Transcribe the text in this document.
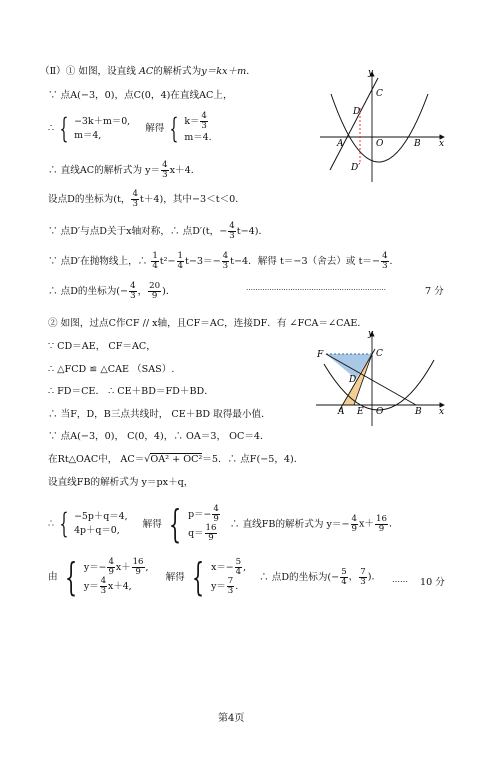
（Ⅱ）① 如图，设直线 AC的解析式为y＝kx＋m．
∵ 点A(−3，0)，点C(0，4)在直线AC上，
∴ { −3k＋m＝0,
m＝4, 解得 { $k= \frac{4}{3}$

m＝4.
∴ 直线AC的解析式为 $y= \frac{4}{3} x+4$．
设点D的坐标为(t， $\frac{4}{3} t+4$)，其中−3＜t＜0．
∵ 点D′与点D关于x轴对称，∴ 点D′(t，− $\frac{4}{3} t-4$)．
∵ 点D′在抛物线上，∴ $\frac{1}{4} t^2- \frac{1}{4} t-3=- \frac{4}{3} t-4$．解得 t＝−3（舍去）或 $t=- \frac{4}{3}$ ．
∴ 点D的坐标为(− $\frac{4}{3}$ ， $\frac{20}{9}$ )．	……………………………………………………	7 分
② 如图，过点C作CF // x轴，且CF＝AC，连接DF．有 ∠FCA＝∠CAE．
∵ CD＝AE， CF＝AC，
∴ △FCD ≌ △CAE （SAS）.
∴ FD＝CE． ∴ CE＋BD＝FD＋BD．
∴ 当F，D，B三点共线时， CE＋BD 取得最小值．
∵ 点A(−3，0)， C(0，4)，∴ OA＝3， OC＝4．
在Rt△OAC中， AC＝√OA² + OC²＝5．∴ 点F(−5，4)．
设直线FB的解析式为 y＝px＋q，
∴ { −5p＋q＝4,
4p＋q＝0, 解得 { $p=- \frac{4}{9}$

$q= \frac{16}{9}$ ∴ 直线FB的解析式为 $y=- \frac{4}{9} x+ \frac{16}{9}$ ．
由 { $y=- \frac{4}{9} x+ \frac{16}{9}$ ,
$y= \frac{4}{3} x+4$, 解得 { $x=- \frac{5}{4}$ ,
$y= \frac{7}{3}$ . ∴ 点D的坐标为(− $\frac{5}{4}$ ， $\frac{7}{3}$ )． …… 10 分
第4页
y
C
D
A	O	B x
D′
y
F	C
D
A E O	B x
